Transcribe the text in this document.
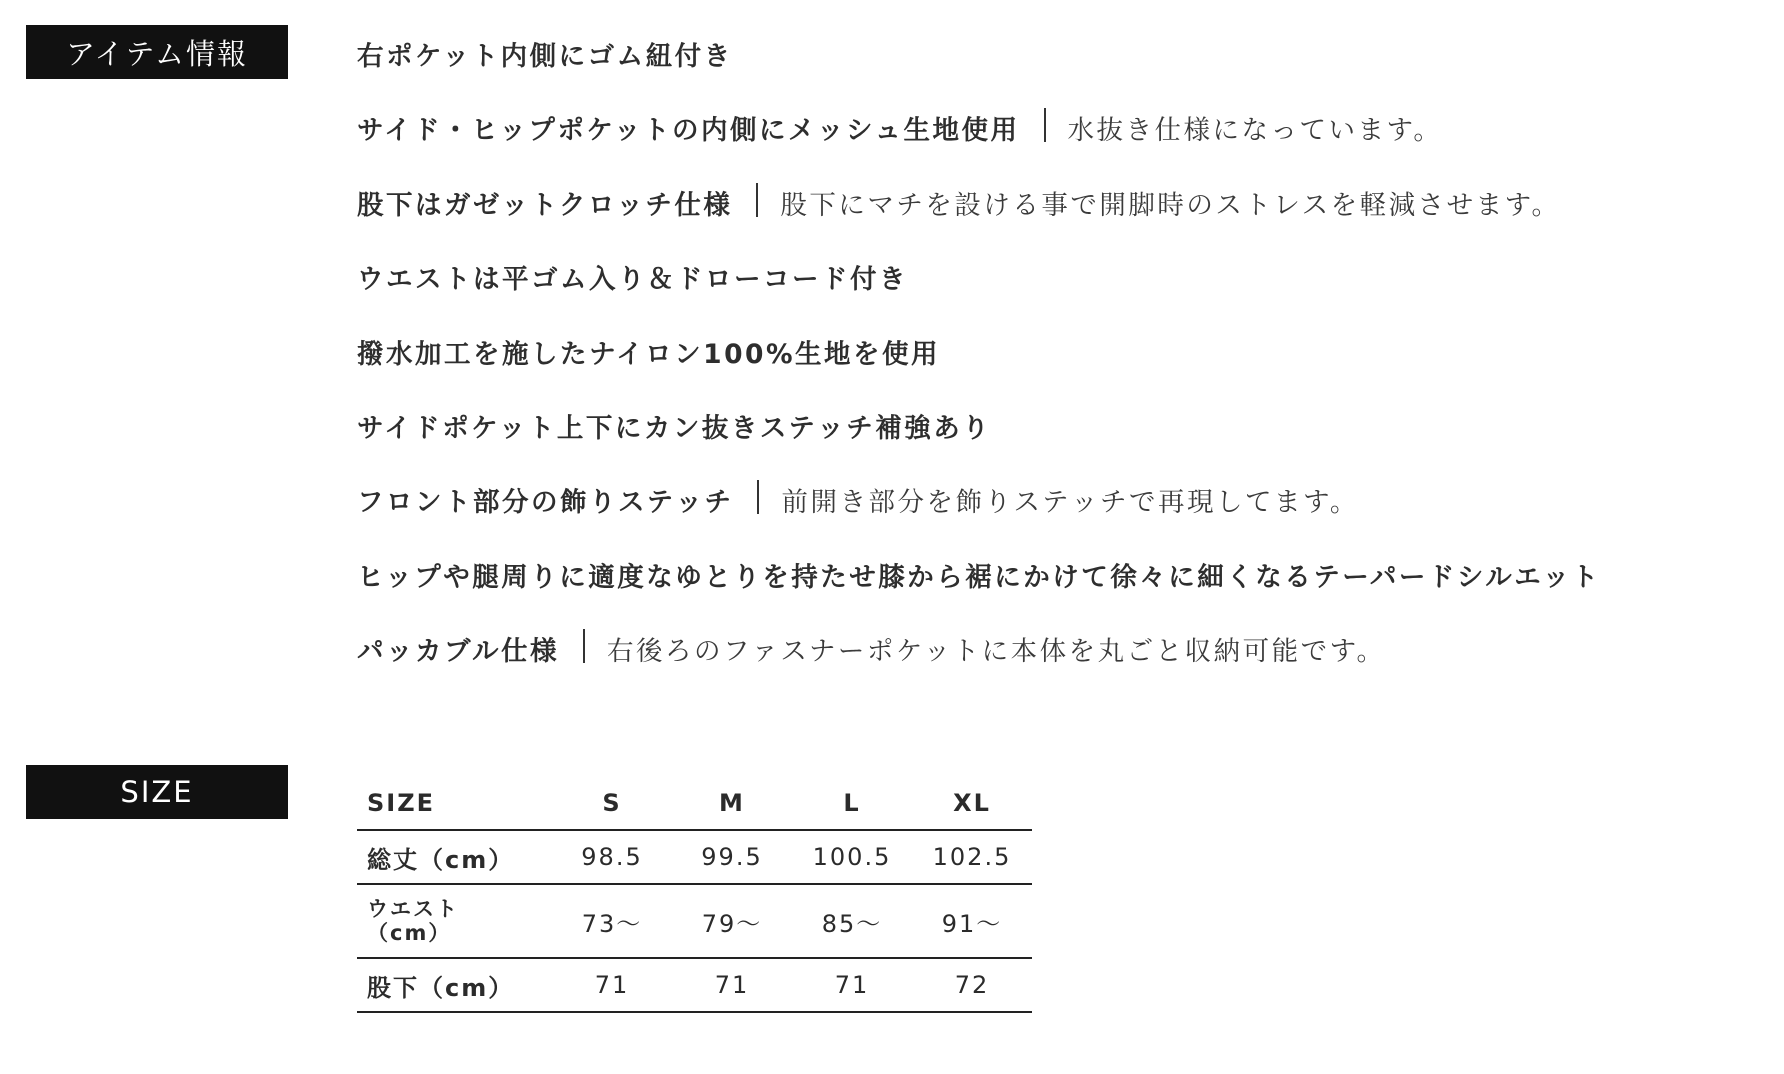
アイテム情報	右ポケット内側にゴム紐付き
サイド・ヒップポケットの内側にメッシュ生地使用 水抜き仕様になっています。
股下はガゼットクロッチ仕様 股下にマチを設ける事で開脚時のストレスを軽減させます。
ウエストは平ゴム入り＆ドローコード付き
撥水加工を施したナイロン100%生地を使用
サイドポケット上下にカン抜きステッチ補強あり
フロント部分の飾りステッチ 前開き部分を飾りステッチで再現してます。
ヒップや腿周りに適度なゆとりを持たせ膝から裾にかけて徐々に細くなるテーパードシルエット
パッカブル仕様 右後ろのファスナーポケットに本体を丸ごと収納可能です。
SIZE	SIZE	S	M	L	XL
総丈（cm）	98.5	99.5	100.5	102.5

ウエスト
（cm）	73〜	79〜	85〜	91〜
股下（cm）	71	71	71	72
